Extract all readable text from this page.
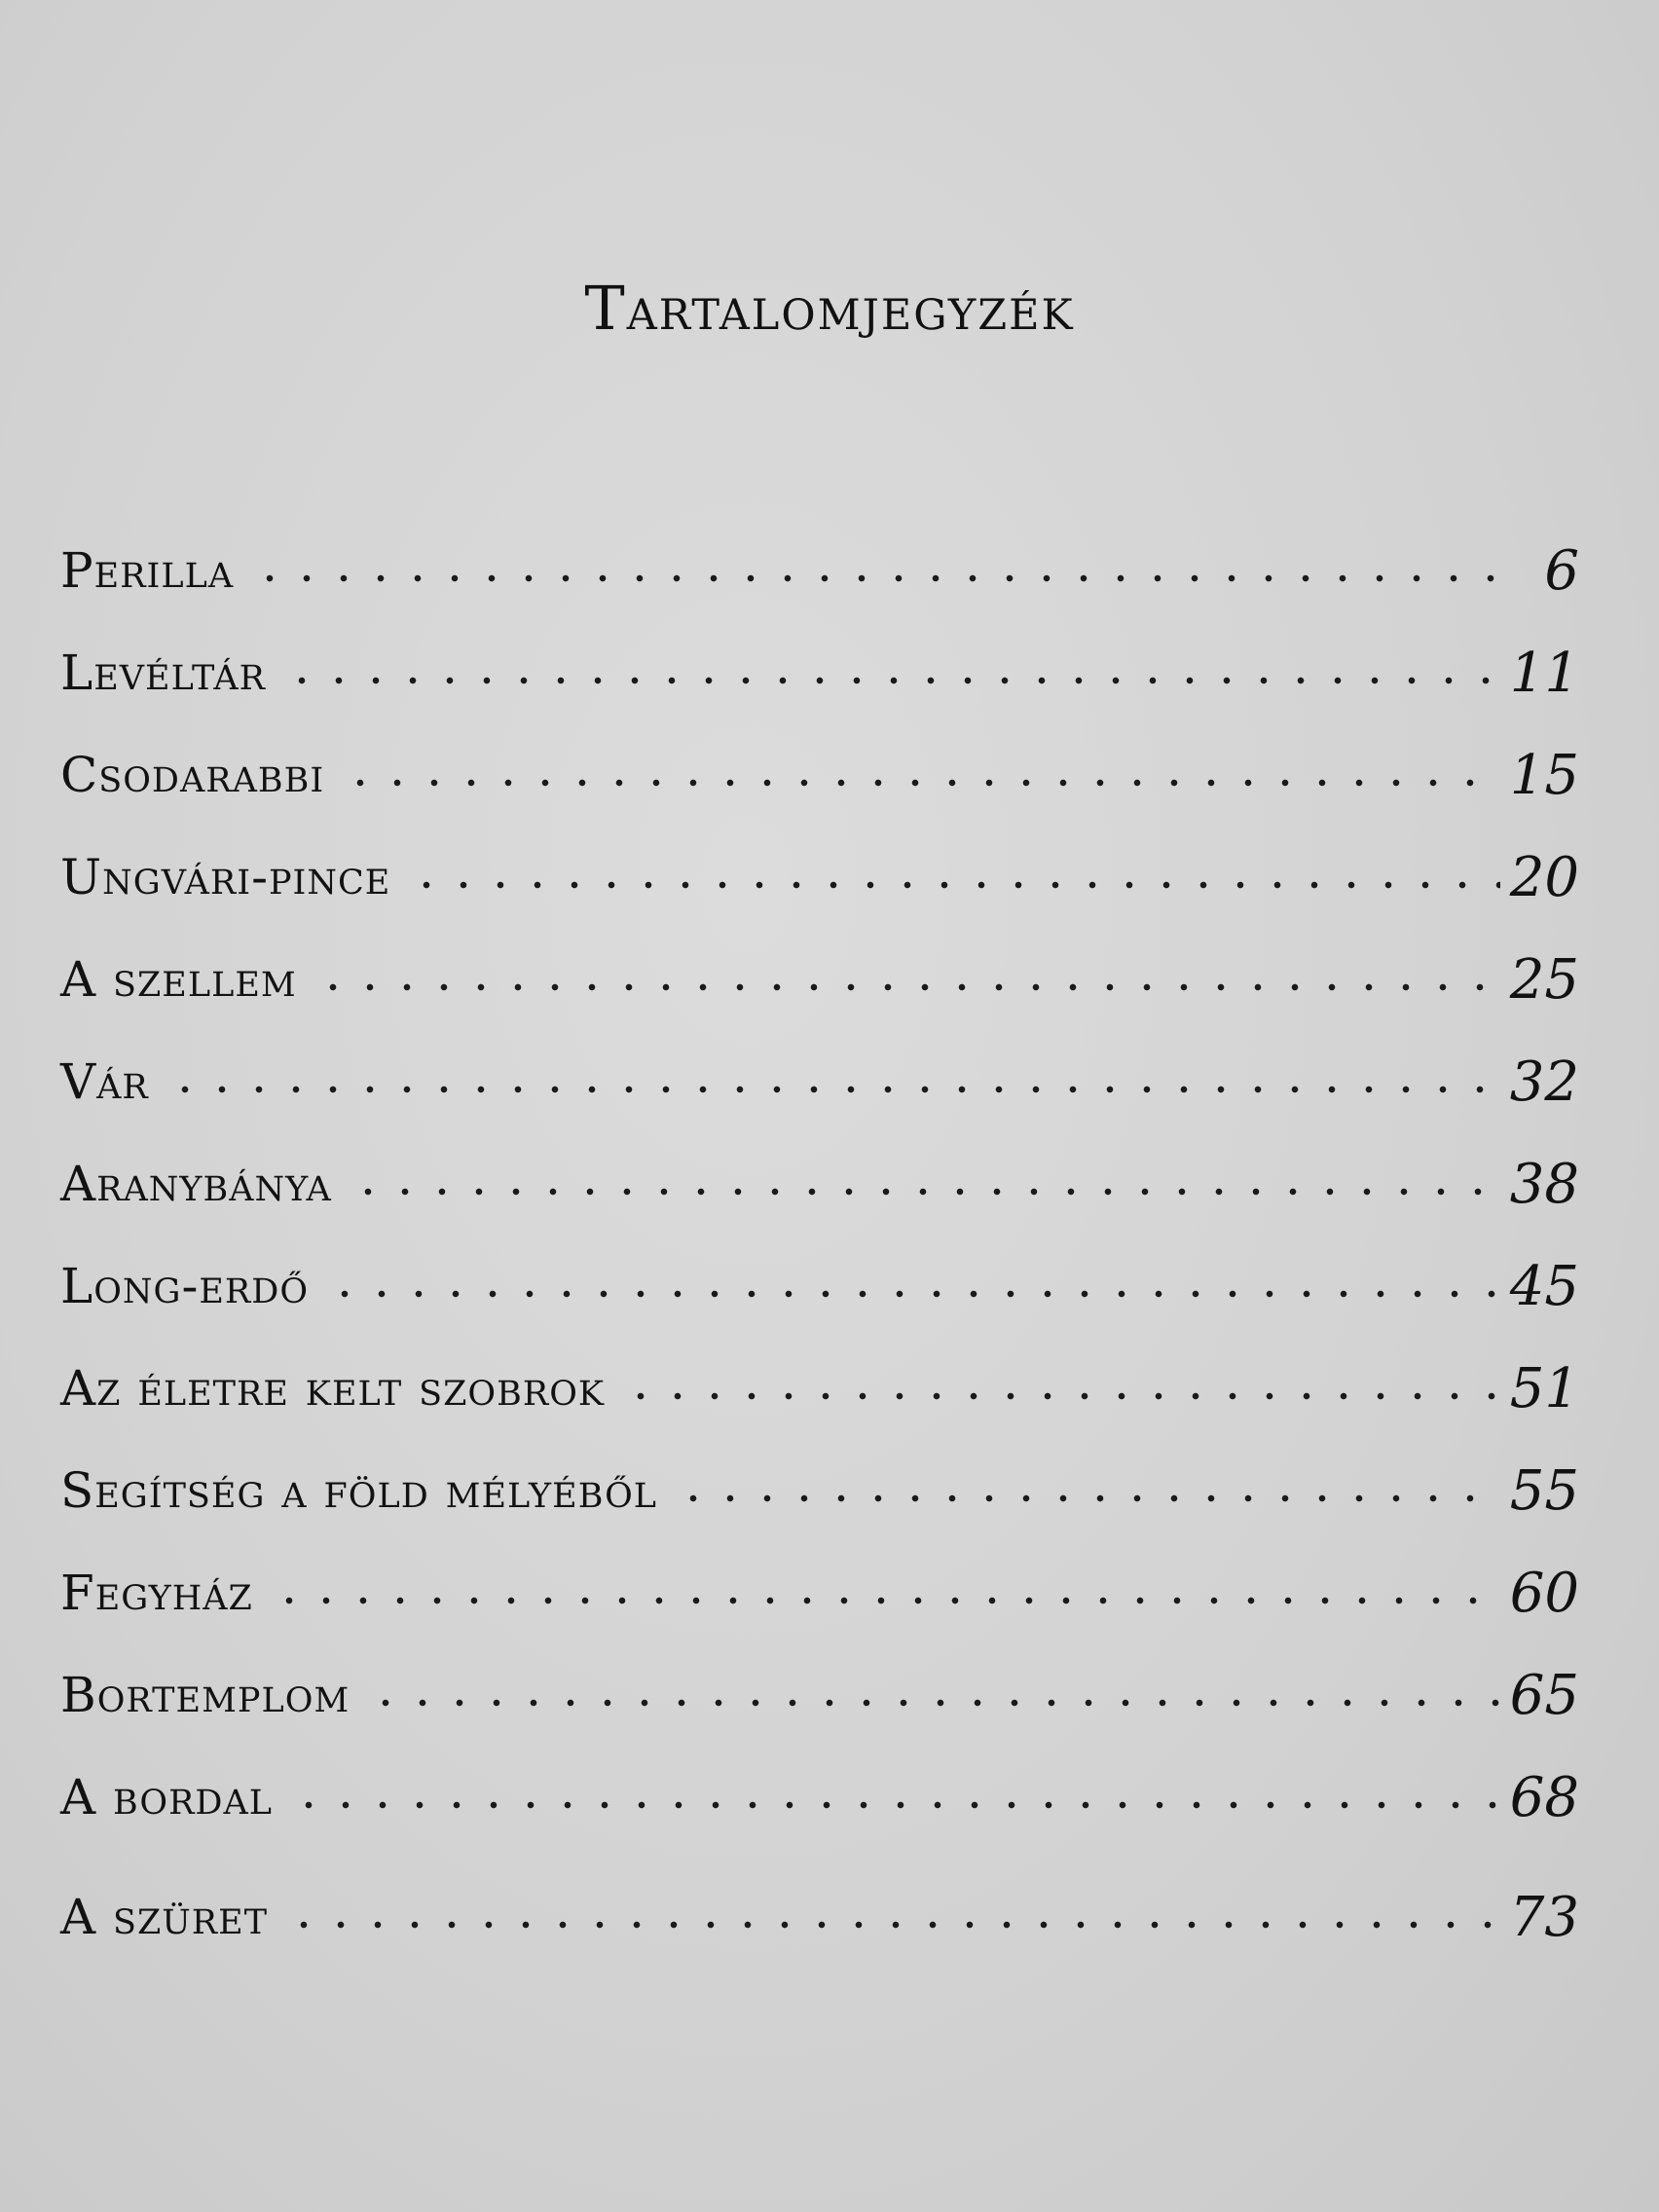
Tartalomjegyzék
Perilla	6
Levéltár	11
Csodarabbi	15
Ungvári-pince	20
A szellem	25
Vár	32
Aranybánya	38
Long-erdő	45
Az életre kelt szobrok	51
Segítség a föld mélyéből	55
Fegyház	60
Bortemplom	65
A bordal	68
A szüret	73
